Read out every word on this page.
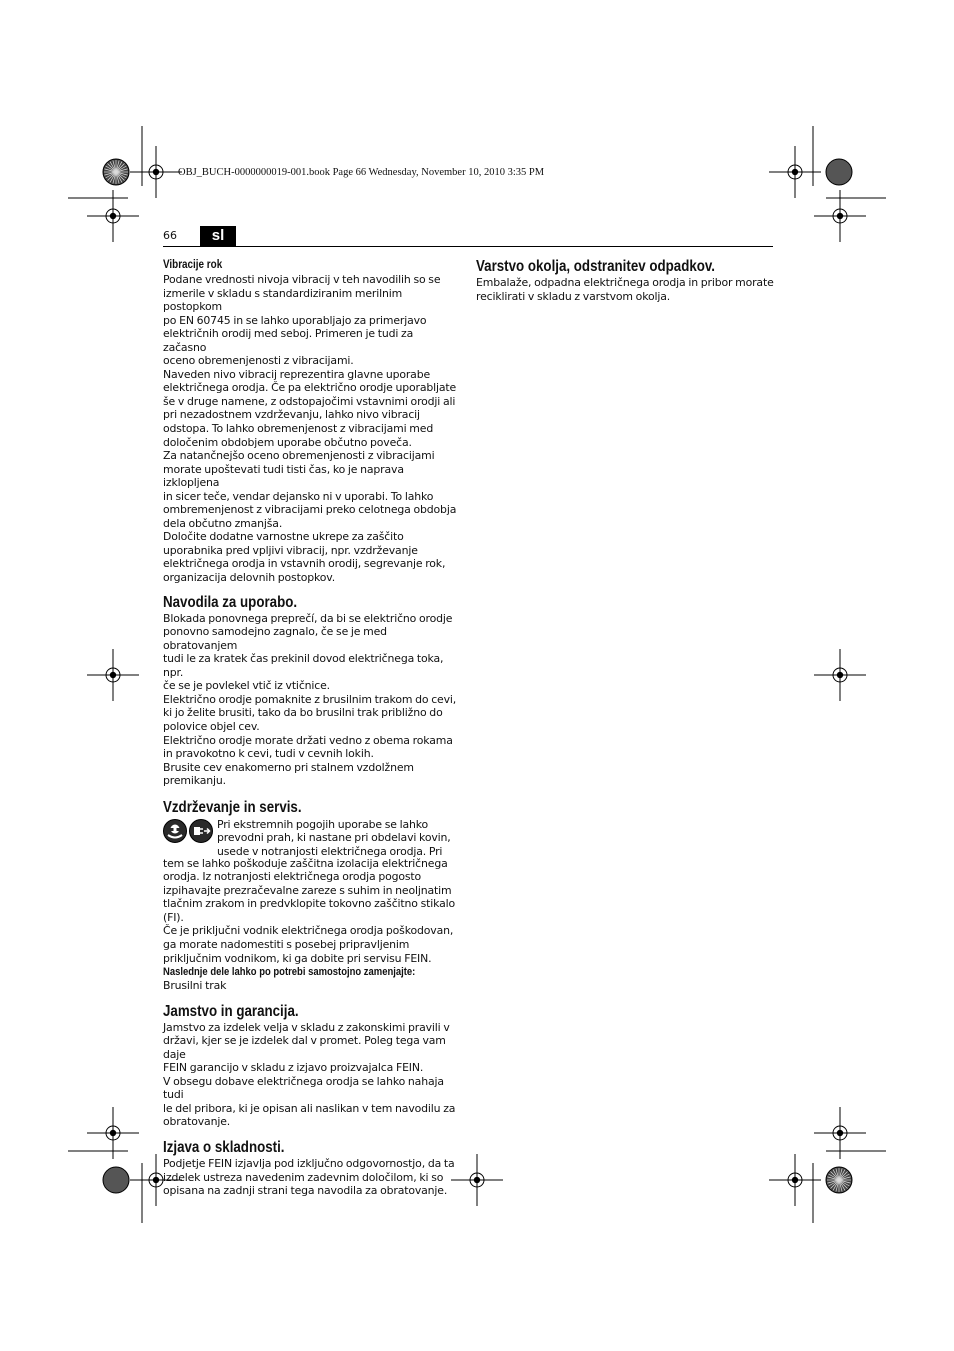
OBJ_BUCH-0000000019-001.book Page 66 Wednesday, November 10, 2010 3:35 PM
66	sl
Vibracije rok
Podane vrednosti nivoja vibracij v teh navodilih so se
izmerile v skladu s standardiziranim merilnim postopkom
po EN 60745 in se lahko uporabljajo za primerjavo
električnih orodij med seboj. Primeren je tudi za začasno
oceno obremenjenosti z vibracijami.
Naveden nivo vibracij reprezentira glavne uporabe
električnega orodja. Če pa električno orodje uporabljate
še v druge namene, z odstopajočimi vstavnimi orodji ali
pri nezadostnem vzdrževanju, lahko nivo vibracij
odstopa. To lahko obremenjenost z vibracijami med
določenim obdobjem uporabe občutno poveča.
Za natančnejšo oceno obremenjenosti z vibracijami
morate upoštevati tudi tisti čas, ko je naprava izklopljena
in sicer teče, vendar dejansko ni v uporabi. To lahko
ombremenjenost z vibracijami preko celotnega obdobja
dela občutno zmanjša.
Določite dodatne varnostne ukrepe za zaščito
uporabnika pred vpljivi vibracij, npr. vzdrževanje
električnega orodja in vstavnih orodij, segrevanje rok,
organizacija delovnih postopkov.
Navodila za uporabo.
Blokada ponovnega preprečí, da bi se električno orodje
ponovno samodejno zagnalo, če se je med obratovanjem
tudi le za kratek čas prekinil dovod električnega toka, npr.
če se je povlekel vtič iz vtičnice.
Električno orodje pomaknite z brusilnim trakom do cevi,
ki jo želite brusiti, tako da bo brusilni trak približno do
polovice objel cev.
Električno orodje morate držati vedno z obema rokama
in pravokotno k cevi, tudi v cevnih lokih.
Brusite cev enakomerno pri stalnem vzdolžnem
premikanju.
Vzdrževanje in servis.
Pri ekstremnih pogojih uporabe se lahko
prevodni prah, ki nastane pri obdelavi kovin,
usede v notranjosti električnega orodja. Pri
tem se lahko poškoduje zaščitna izolacija električnega
orodja. Iz notranjosti električnega orodja pogosto
izpihavajte prezračevalne zareze s suhim in neoljnatim
tlačnim zrakom in predvklopite tokovno zaščitno stikalo
(FI).
Če je priključni vodnik električnega orodja poškodovan,
ga morate nadomestiti s posebej pripravljenim
priključnim vodnikom, ki ga dobite pri servisu FEIN.
Naslednje dele lahko po potrebi samostojno zamenjajte:
Brusilni trak
Jamstvo in garancija.
Jamstvo za izdelek velja v skladu z zakonskimi pravili v
državi, kjer se je izdelek dal v promet. Poleg tega vam daje
FEIN garancijo v skladu z izjavo proizvajalca FEIN.
V obsegu dobave električnega orodja se lahko nahaja tudi
le del pribora, ki je opisan ali naslikan v tem navodilu za
obratovanje.
Izjava o skladnosti.
Podjetje FEIN izjavlja pod izključno odgovornostjo, da ta
izdelek ustreza navedenim zadevnim določilom, ki so
opisana na zadnji strani tega navodila za obratovanje.
Varstvo okolja, odstranitev odpadkov.
Embalaže, odpadna električnega orodja in pribor morate
reciklirati v skladu z varstvom okolja.
